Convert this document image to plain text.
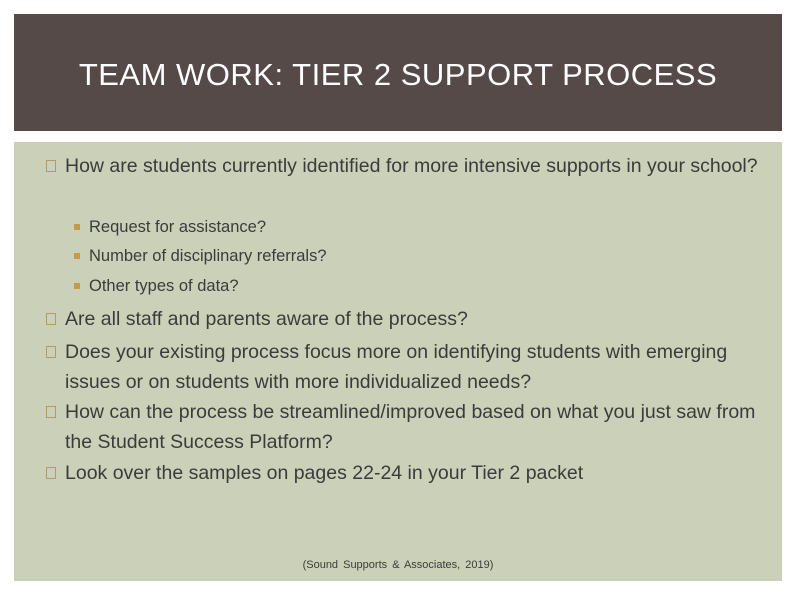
TEAM WORK: TIER 2 SUPPORT PROCESS
How are students currently identified for more intensive supports in your school?
Request for assistance?
Number of disciplinary referrals?
Other types of data?
Are all staff and parents aware of the process?
Does your existing process focus more on identifying students with emerging issues or on students with more individualized needs?
How can the process be streamlined/improved based on what you just saw from the Student Success Platform?
Look over the samples on pages 22-24 in your Tier 2 packet
(Sound Supports & Associates, 2019)
